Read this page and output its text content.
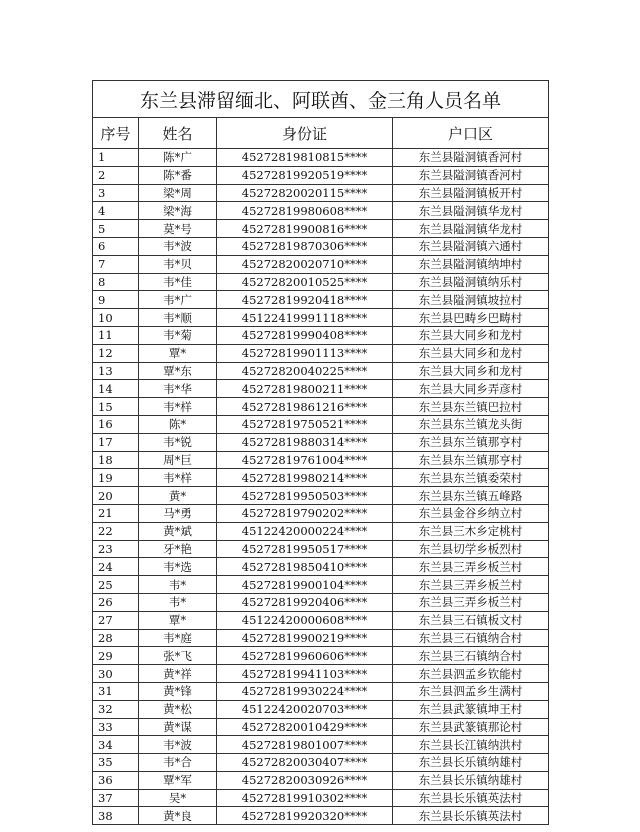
东兰县滞留缅北、阿联酋、金三角人员名单			
序号	姓名	身份证	户口区
1	陈*广	45272819810815****	东兰县隘洞镇香河村
2	陈*番	45272819920519****	东兰县隘洞镇香河村
3	梁*周	45272820020115****	东兰县隘洞镇板开村
4	梁*海	45272819980608****	东兰县隘洞镇华龙村
5	莫*号	45272819900816****	东兰县隘洞镇华龙村
6	韦*波	45272819870306****	东兰县隘洞镇六通村
7	韦*贝	45272820020710****	东兰县隘洞镇纳坤村
8	韦*佳	45272820010525****	东兰县隘洞镇纳乐村
9	韦*广	45272819920418****	东兰县隘洞镇坡拉村
10	韦*顺	45122419991118****	东兰县巴畴乡巴畴村
11	韦*菊	45272819990408****	东兰县大同乡和龙村
12	覃*	45272819901113****	东兰县大同乡和龙村
13	覃*东	45272820040225****	东兰县大同乡和龙村
14	韦*华	45272819800211****	东兰县大同乡弄彦村
15	韦*样	45272819861216****	东兰县东兰镇巴拉村
16	陈*	45272819750521****	东兰县东兰镇龙头街
17	韦*锐	45272819880314****	东兰县东兰镇那亨村
18	周*巨	45272819761004****	东兰县东兰镇那亨村
19	韦*样	45272819980214****	东兰县东兰镇委荣村
20	黄*	45272819950503****	东兰县东兰镇五峰路
21	马*勇	45272819790202****	东兰县金谷乡纳立村
22	黄*斌	45122420000224****	东兰县三木乡定桃村
23	牙*艳	45272819950517****	东兰县切学乡板烈村
24	韦*选	45272819850410****	东兰县三弄乡板兰村
25	韦*	45272819900104****	东兰县三弄乡板兰村
26	韦*	45272819920406****	东兰县三弄乡板兰村
27	覃*	45122420000608****	东兰县三石镇板文村
28	韦*庭	45272819900219****	东兰县三石镇纳合村
29	张*飞	45272819960606****	东兰县三石镇纳合村
30	黄*祥	45272819941103****	东兰县泗孟乡钦能村
31	黄*锋	45272819930224****	东兰县泗孟乡生满村
32	黄*松	45122420020703****	东兰县武篆镇坤王村
33	黄*谋	45272820010429****	东兰县武篆镇那论村
34	韦*波	45272819801007****	东兰县长江镇纳洪村
35	韦*合	45272820030407****	东兰县长乐镇纳雄村
36	覃*军	45272820030926****	东兰县长乐镇纳雄村
37	吴*	45272819910302****	东兰县长乐镇英法村
38	黄*良	45272819920320****	东兰县长乐镇英法村
